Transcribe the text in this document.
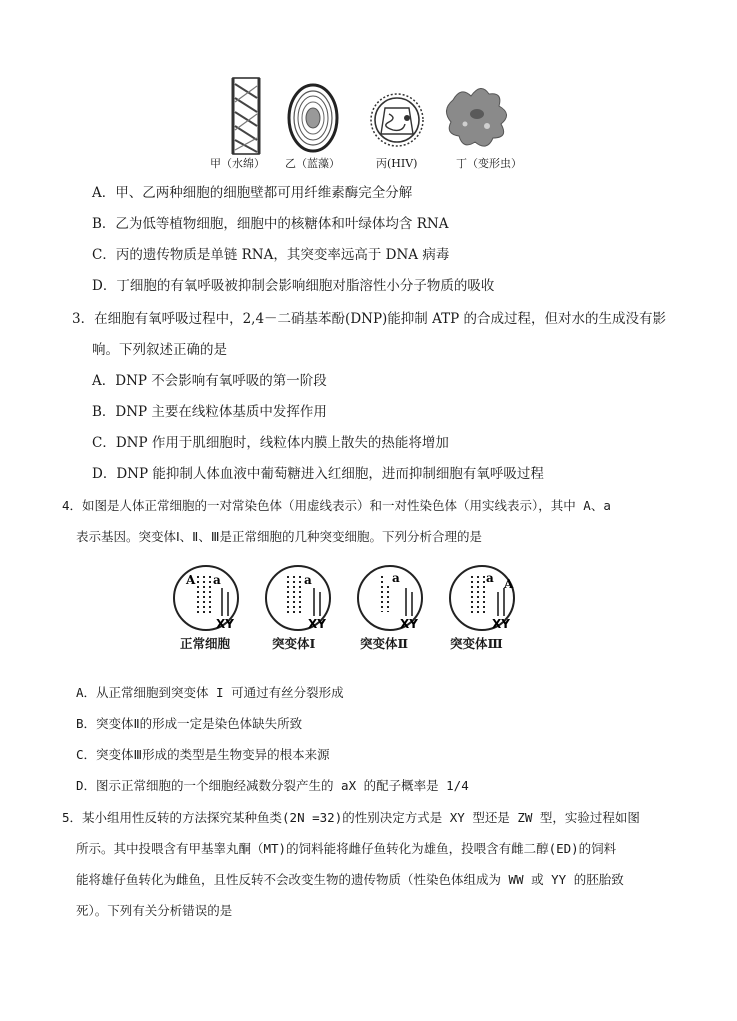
甲（水绵） 乙（蓝藻）	丙(HIV)	丁（变形虫）
A．甲、乙两种细胞的细胞壁都可用纤维素酶完全分解
B．乙为低等植物细胞，细胞中的核糖体和叶绿体均含 RNA
C．丙的遗传物质是单链 RNA，其突变率远高于 DNA 病毒
D．丁细胞的有氧呼吸被抑制会影响细胞对脂溶性小分子物质的吸收
3．在细胞有氧呼吸过程中，2,4－二硝基苯酚(DNP)能抑制 ATP 的合成过程，但对水的生成没有影
响。下列叙述正确的是
A．DNP 不会影响有氧呼吸的第一阶段
B．DNP 主要在线粒体基质中发挥作用
C．DNP 作用于肌细胞时，线粒体内膜上散失的热能将增加
D．DNP 能抑制人体血液中葡萄糖进入红细胞，进而抑制细胞有氧呼吸过程
4．如图是人体正常细胞的一对常染色体（用虚线表示）和一对性染色体（用实线表示），其中 A、a
表示基因。突变体Ⅰ、Ⅱ、Ⅲ是正常细胞的几种突变细胞。下列分析合理的是
A a
XY
a
XY
a
XY
a A
XY
正常细胞	突变体Ⅰ	突变体Ⅱ	突变体Ⅲ
A．从正常细胞到突变体 I 可通过有丝分裂形成
B．突变体Ⅱ的形成一定是染色体缺失所致
C．突变体Ⅲ形成的类型是生物变异的根本来源
D．图示正常细胞的一个细胞经减数分裂产生的 aX 的配子概率是 1/4
5．某小组用性反转的方法探究某种鱼类(2N =32)的性别决定方式是 XY 型还是 ZW 型，实验过程如图
所示。其中投喂含有甲基睾丸酮（MT)的饲料能将雌仔鱼转化为雄鱼，投喂含有雌二醇(ED)的饲料
能将雄仔鱼转化为雌鱼，且性反转不会改变生物的遗传物质（性染色体组成为 WW 或 YY 的胚胎致
死）。下列有关分析错误的是
